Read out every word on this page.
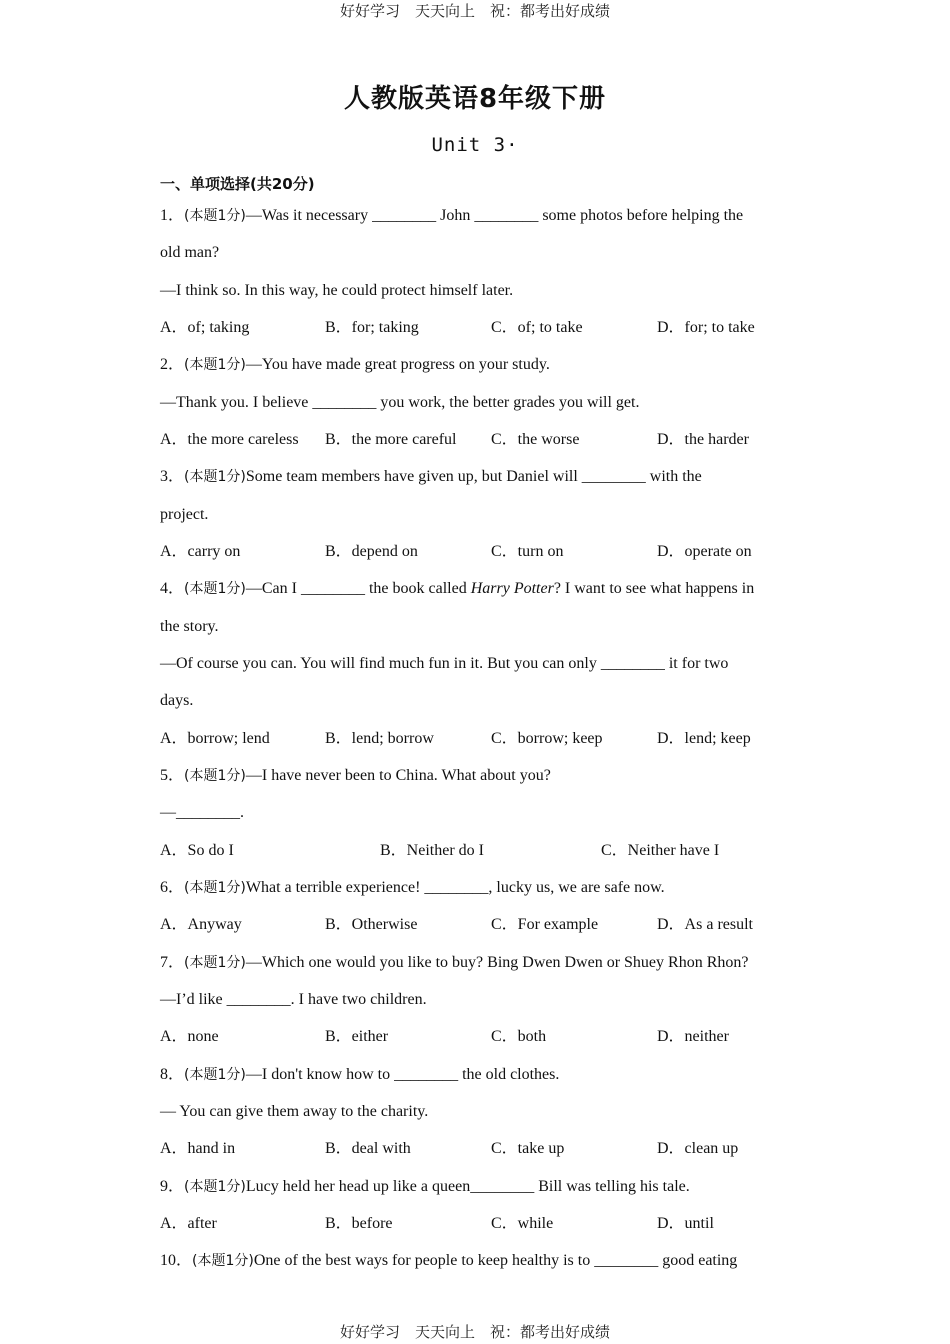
好好学习　天天向上　祝：都考出好成绩
人教版英语8年级下册
Unit 3·
一、单项选择(共20分)
1．(本题1分)—Was it necessary ________ John ________ some photos before helping the
old man?
—I think so. In this way, he could protect himself later.
A．of; taking	B．for; taking	C．of; to take	D．for; to take
2．(本题1分)—You have made great progress on your study.
—Thank you. I believe ________ you work, the better grades you will get.
A．the more careless B．the more careful C．the worse	D．the harder
3．(本题1分)Some team members have given up, but Daniel will ________ with the
project.
A．carry on	B．depend on	C．turn on	D．operate on
4．(本题1分)—Can I ________ the book called Harry Potter? I want to see what happens in
the story.
—Of course you can. You will find much fun in it. But you can only ________ it for two
days.
A．borrow; lend	B．lend; borrow	C．borrow; keep	D．lend; keep
5．(本题1分)—I have never been to China. What about you?
—________.
A．So do I	B．Neither do I	C．Neither have I
6．(本题1分)What a terrible experience! ________, lucky us, we are safe now.
A．Anyway	B．Otherwise	C．For example	D．As a result
7．(本题1分)—Which one would you like to buy? Bing Dwen Dwen or Shuey Rhon Rhon?
—I’d like ________. I have two children.
A．none	B．either	C．both	D．neither
8．(本题1分)—I don't know how to ________ the old clothes.
— You can give them away to the charity.
A．hand in	B．deal with	C．take up	D．clean up
9．(本题1分)Lucy held her head up like a queen________ Bill was telling his tale.
A．after	B．before	C．while	D．until
10．(本题1分)One of the best ways for people to keep healthy is to ________ good eating
好好学习　天天向上　祝：都考出好成绩
